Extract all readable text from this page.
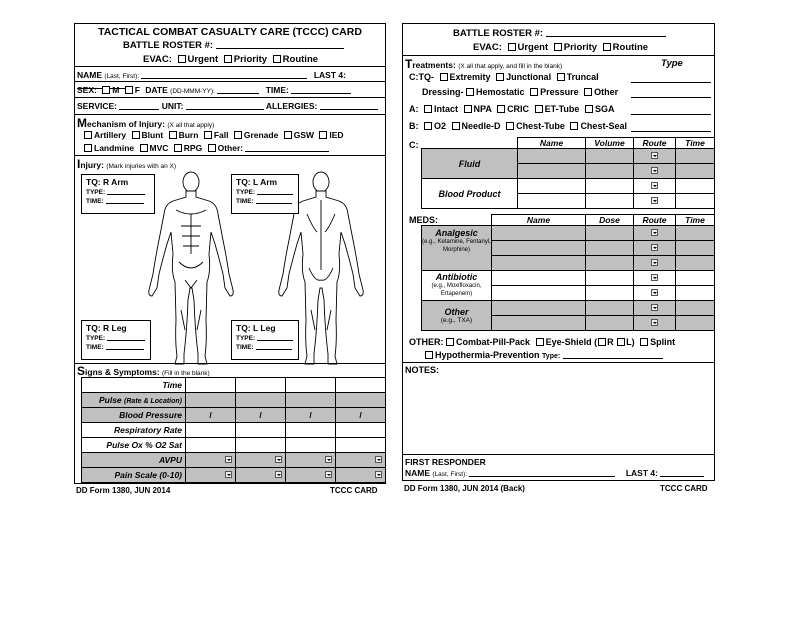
TACTICAL COMBAT CASUALTY CARE (TCCC) CARD
BATTLE ROSTER #:
EVAC: Urgent Priority Routine
NAME (Last, First):	LAST 4:
SEX: M F DATE (DD-MMM-YY):	TIME:
SERVICE:	UNIT:	ALLERGIES:
Mechanism of Injury: (X all that apply)
Artillery Blunt Burn Fall Grenade GSW IED
Landmine MVC RPG Other:
Injury: (Mark injuries with an X)
TQ: R Arm
TYPE:
TIME:
TQ: L Arm
TYPE:
TIME:
TQ: R Leg
TYPE:
TIME:
TQ: L Leg
TYPE:
TIME:
Signs & Symptoms: (Fill in the blank)
Time				
Pulse (Rate & Location)				
Blood Pressure	/	/	/	/
Respiratory Rate				
Pulse Ox % O2 Sat				
AVPU				
Pain Scale (0-10)				
DD Form 1380, JUN 2014	TCCC CARD
BATTLE ROSTER #:
EVAC: Urgent Priority Routine
Treatments: (X all that apply, and fill in the blank)	Type
C:TQ- Extremity Junctional Truncal
Dressing- Hemostatic Pressure Other
A: Intact NPA CRIC ET-Tube SGA
B: O2 Needle-D Chest-Tube Chest-Seal
C:
		Name	Volume	Route	Time
Fluid				

Blood Product				

MEDS:
		Name	Dose	Route	Time

Analgesic
(e.g., Ketamine, Fentanyl, Morphine)				

Antibiotic
(e.g., Moxifloxacin, Ertapenem)				

Other
(e.g., TXA)				

OTHER: Combat-Pill-Pack Eye-Shield ( R L) Splint
Hypothermia-Prevention Type:
NOTES:
FIRST RESPONDER
NAME (Last, First):	LAST 4:
DD Form 1380, JUN 2014 (Back)	TCCC CARD
